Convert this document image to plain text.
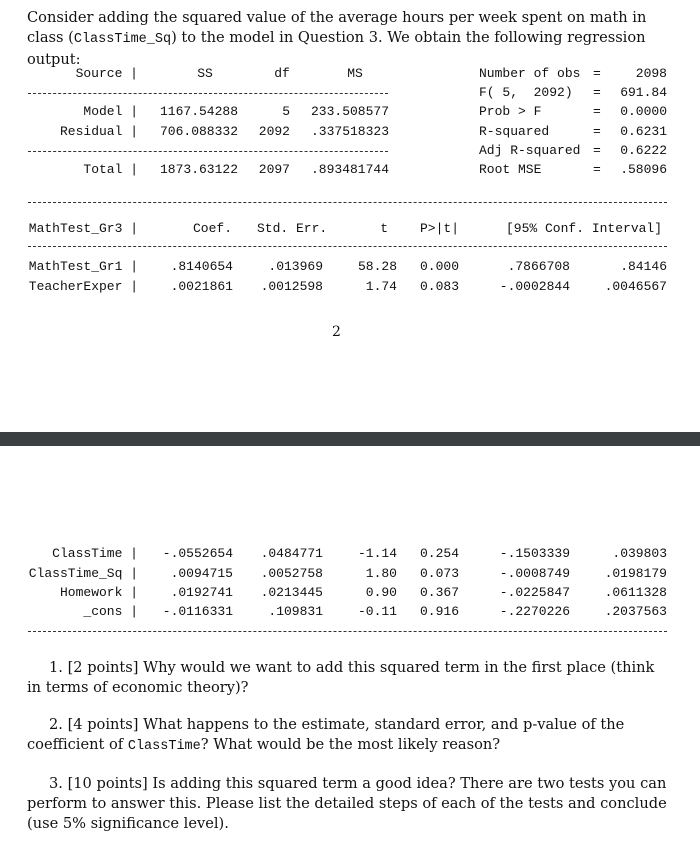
Consider adding the squared value of the average hours per week spent on math in class (ClassTime_Sq) to the model in Question 3. We obtain the following regression output:
Source |	SS	df	MS
Model | 1167.54288	5	233.508577
Residual | 706.088332	2092	.337518323
Total | 1873.63122	2097	.893481744
Number of obs =	2098
F( 5,  2092) =	691.84
Prob > F	=	0.0000
R-squared	=	0.6231
Adj R-squared =	0.6222
Root MSE	=	.58096
MathTest_Gr3 |	Coef. Std. Err.	t P>|t|	[95% Conf. Interval]
MathTest_Gr1 |	.8140654	.013969	58.28 0.000	.7866708	.84146
TeacherExper |	.0021861	.0012598	1.74 0.083	-.0002844	.0046567
2
ClassTime | -.0552654	.0484771	-1.14 0.254	-.1503339	.039803
ClassTime_Sq |	.0094715	.0052758	1.80 0.073	-.0008749	.0198179
Homework |	.0192741	.0213445	0.90 0.367	-.0225847	.0611328
_cons | -.0116331	.109831	-0.11 0.916	-.2270226	.2037563
1. [2 points] Why would we want to add this squared term in the first place (think in terms of economic theory)?
2. [4 points] What happens to the estimate, standard error, and p-value of the coefficient of ClassTime? What would be the most likely reason?
3. [10 points] Is adding this squared term a good idea? There are two tests you can perform to answer this. Please list the detailed steps of each of the tests and conclude (use 5% significance level).
